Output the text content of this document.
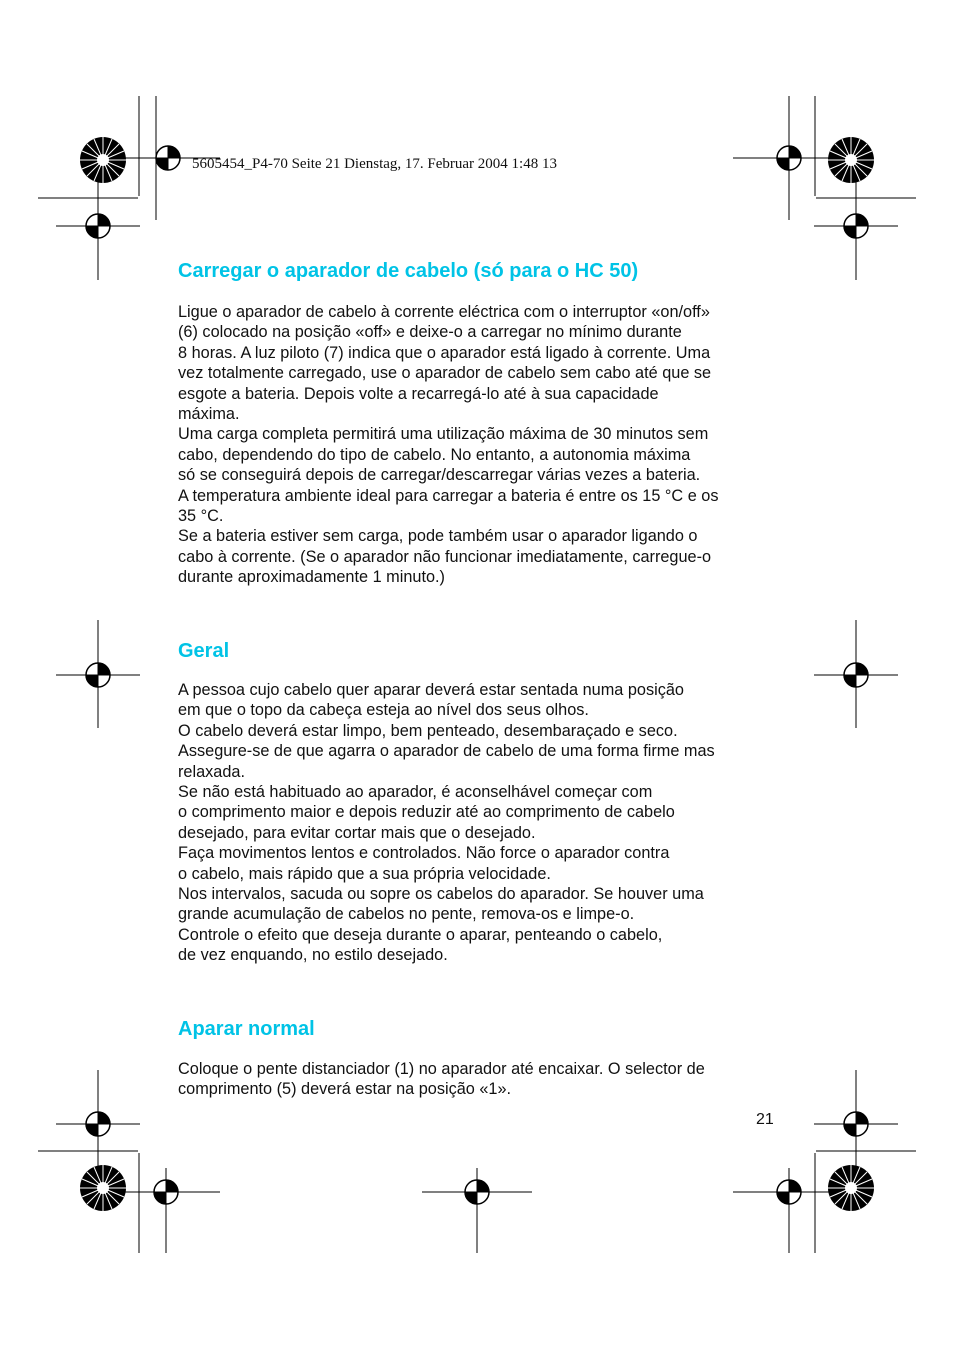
5605454_P4-70 Seite 21 Dienstag, 17. Februar 2004 1:48 13
Carregar o aparador de cabelo (só para o HC 50)
Ligue o aparador de cabelo à corrente eléctrica com o interruptor «on/off»
(6) colocado na posição «off» e deixe-o a carregar no mínimo durante
8 horas. A luz piloto (7) indica que o aparador está ligado à corrente. Uma
vez totalmente carregado, use o aparador de cabelo sem cabo até que se
esgote a bateria. Depois volte a recarregá-lo até à sua capacidade
máxima.
Uma carga completa permitirá uma utilização máxima de 30 minutos sem
cabo, dependendo do tipo de cabelo. No entanto, a autonomia máxima
só se conseguirá depois de carregar/descarregar várias vezes a bateria.
A temperatura ambiente ideal para carregar a bateria é entre os 15 °C e os
35 °C.
Se a bateria estiver sem carga, pode também usar o aparador ligando o
cabo à corrente. (Se o aparador não funcionar imediatamente, carregue-o
durante aproximadamente 1 minuto.)
Geral
A pessoa cujo cabelo quer aparar deverá estar sentada numa posição
em que o topo da cabeça esteja ao nível dos seus olhos.
O cabelo deverá estar limpo, bem penteado, desembaraçado e seco.
Assegure-se de que agarra o aparador de cabelo de uma forma firme mas
relaxada.
Se não está habituado ao aparador, é aconselhável começar com
o comprimento maior e depois reduzir até ao comprimento de cabelo
desejado, para evitar cortar mais que o desejado.
Faça movimentos lentos e controlados. Não force o aparador contra
o cabelo, mais rápido que a sua própria velocidade.
Nos intervalos, sacuda ou sopre os cabelos do aparador. Se houver uma
grande acumulação de cabelos no pente, remova-os e limpe-o.
Controle o efeito que deseja durante o aparar, penteando o cabelo,
de vez enquando, no estilo desejado.
Aparar normal
Coloque o pente distanciador (1) no aparador até encaixar. O selector de
comprimento (5) deverá estar na posição «1».
21
